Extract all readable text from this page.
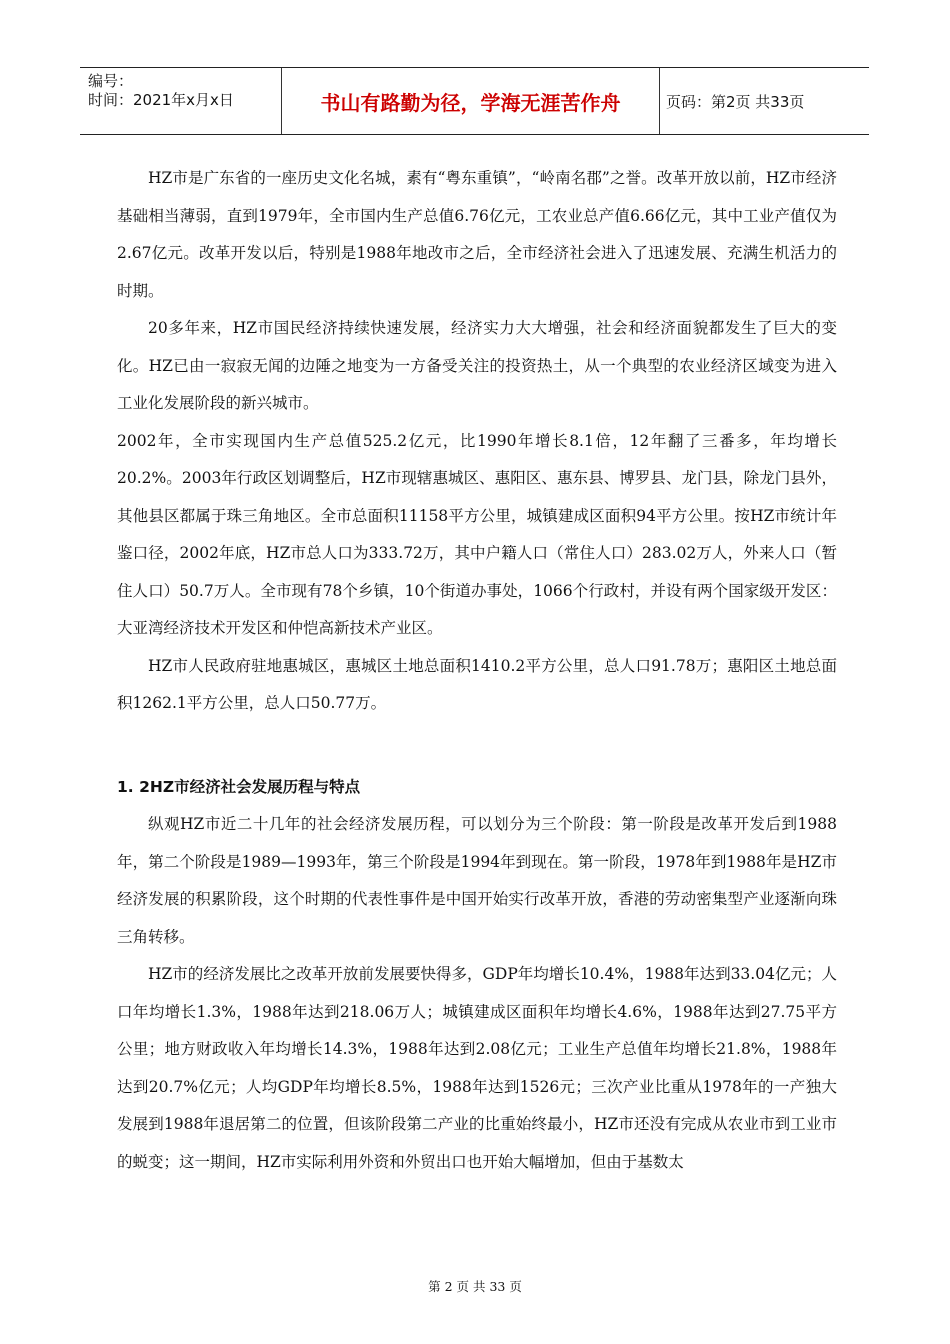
编号：
时间：2021年x月x日	书山有路勤为径，学海无涯苦作舟	页码：第2页 共33页

HZ市是广东省的一座历史文化名城，素有“粤东重镇”，“岭南名郡”之誉。改革开放以前，HZ市经济基础相当薄弱，直到1979年，全市国内生产总值6.76亿元，工农业总产值6.66亿元，其中工业产值仅为2.67亿元。改革开发以后，特别是1988年地改市之后，全市经济社会进入了迅速发展、充满生机活力的时期。

20多年来，HZ市国民经济持续快速发展，经济实力大大增强，社会和经济面貌都发生了巨大的变化。HZ已由一寂寂无闻的边陲之地变为一方备受关注的投资热土，从一个典型的农业经济区域变为进入工业化发展阶段的新兴城市。

2002年，全市实现国内生产总值525.2亿元，比1990年增长8.1倍，12年翻了三番多，年均增长20.2%。2003年行政区划调整后，HZ市现辖惠城区、惠阳区、惠东县、博罗县、龙门县，除龙门县外，其他县区都属于珠三角地区。全市总面积11158平方公里，城镇建成区面积94平方公里。按HZ市统计年鉴口径，2002年底，HZ市总人口为333.72万，其中户籍人口（常住人口）283.02万人，外来人口（暂住人口）50.7万人。全市现有78个乡镇，10个街道办事处，1066个行政村，并设有两个国家级开发区：大亚湾经济技术开发区和仲恺高新技术产业区。

HZ市人民政府驻地惠城区，惠城区土地总面积1410.2平方公里，总人口91.78万；惠阳区土地总面积1262.1平方公里，总人口50.77万。

1. 2HZ市经济社会发展历程与特点

纵观HZ市近二十几年的社会经济发展历程，可以划分为三个阶段：第一阶段是改革开发后到1988年，第二个阶段是1989—1993年，第三个阶段是1994年到现在。第一阶段，1978年到1988年是HZ市经济发展的积累阶段，这个时期的代表性事件是中国开始实行改革开放，香港的劳动密集型产业逐渐向珠三角转移。

HZ市的经济发展比之改革开放前发展要快得多，GDP年均增长10.4%，1988年达到33.04亿元；人口年均增长1.3%，1988年达到218.06万人；城镇建成区面积年均增长4.6%，1988年达到27.75平方公里；地方财政收入年均增长14.3%，1988年达到2.08亿元；工业生产总值年均增长21.8%，1988年达到20.7%亿元；人均GDP年均增长8.5%，1988年达到1526元；三次产业比重从1978年的一产独大发展到1988年退居第二的位置，但该阶段第二产业的比重始终最小，HZ市还没有完成从农业市到工业市的蜕变；这一期间，HZ市实际利用外资和外贸出口也开始大幅增加，但由于基数太

第 2 页 共 33 页
